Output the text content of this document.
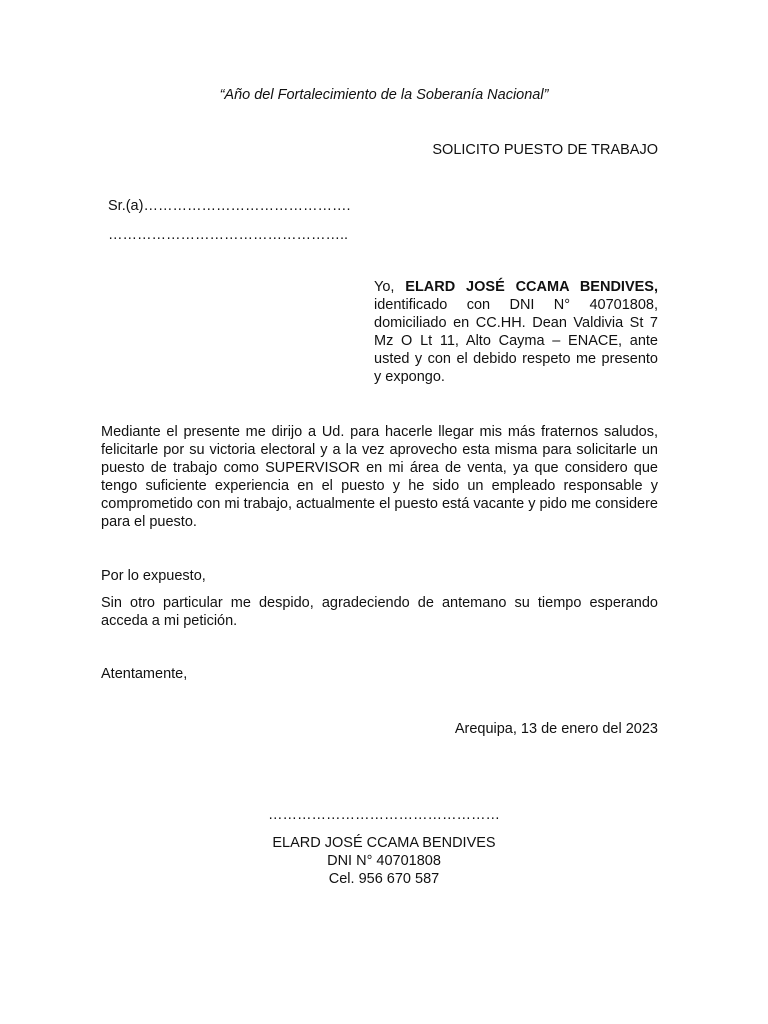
“Año del Fortalecimiento de la Soberanía Nacional”
SOLICITO PUESTO DE TRABAJO
Sr.(a)…………………………………….
…………………………………………..
Yo, ELARD JOSÉ CCAMA BENDIVES, identificado con DNI N° 40701808, domiciliado en CC.HH. Dean Valdivia St 7 Mz O Lt 11, Alto Cayma – ENACE, ante usted y con el debido respeto me presento y expongo.
Mediante el presente me dirijo a Ud. para hacerle llegar mis más fraternos saludos, felicitarle por su victoria electoral y a la vez aprovecho esta misma para solicitarle un puesto de trabajo como SUPERVISOR en mi área de venta, ya que considero que tengo suficiente experiencia en el puesto y he sido un empleado responsable y comprometido con mi trabajo, actualmente el puesto está vacante y pido me considere para el puesto.
Por lo expuesto,
Sin otro particular me despido, agradeciendo de antemano su tiempo esperando acceda a mi petición.
Atentamente,
Arequipa, 13 de enero del 2023
…………………………………………
ELARD JOSÉ CCAMA BENDIVES
DNI N° 40701808
Cel. 956 670 587
